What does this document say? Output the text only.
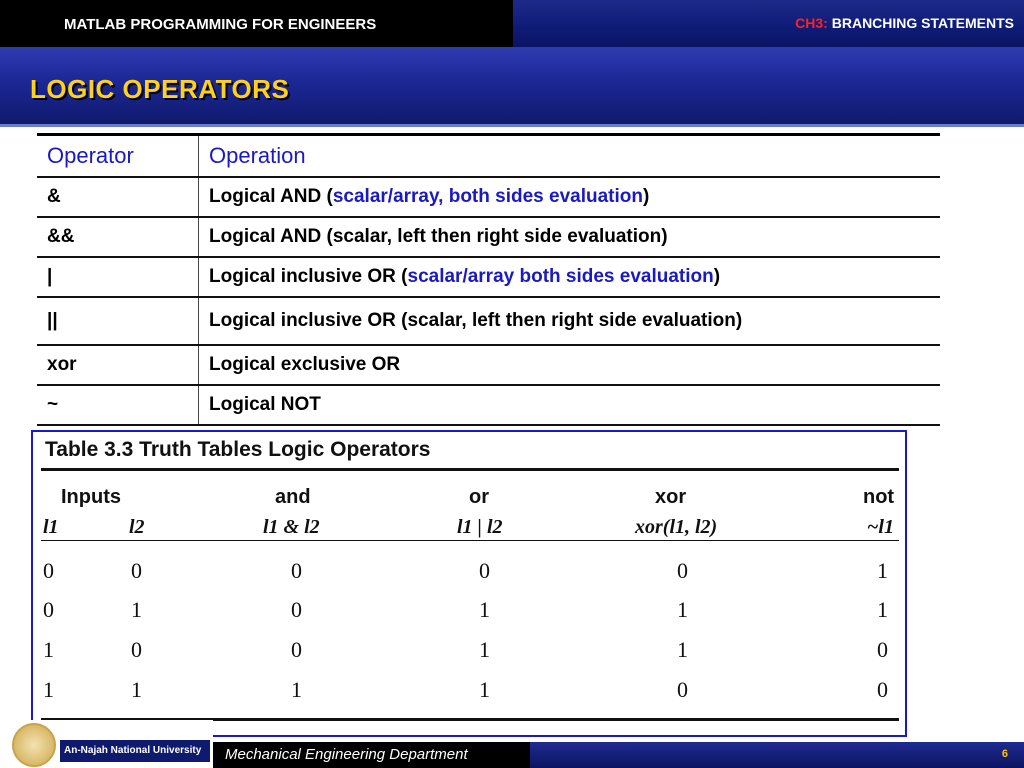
MATLAB PROGRAMMING FOR ENGINEERS	CH3: BRANCHING STATEMENTS
LOGIC OPERATORS
Operator	Operation
&	Logical AND (scalar/array, both sides evaluation)
&&	Logical AND (scalar, left then right side evaluation)
|	Logical inclusive OR (scalar/array both sides evaluation)
||	Logical inclusive OR (scalar, left then right side evaluation)
xor	Logical exclusive OR
~	Logical NOT
Table 3.3 Truth Tables Logic Operators
Inputs	and	or	xor	not
l1	l2	l1 & l2	l1 | l2	xor(l1, l2)	~l1
0	0	0	0	0	1
0	1	0	1	1	1
1	0	0	1	1	0
1	1	1	1	0	0
An-Najah National University	Mechanical Engineering Department	6
